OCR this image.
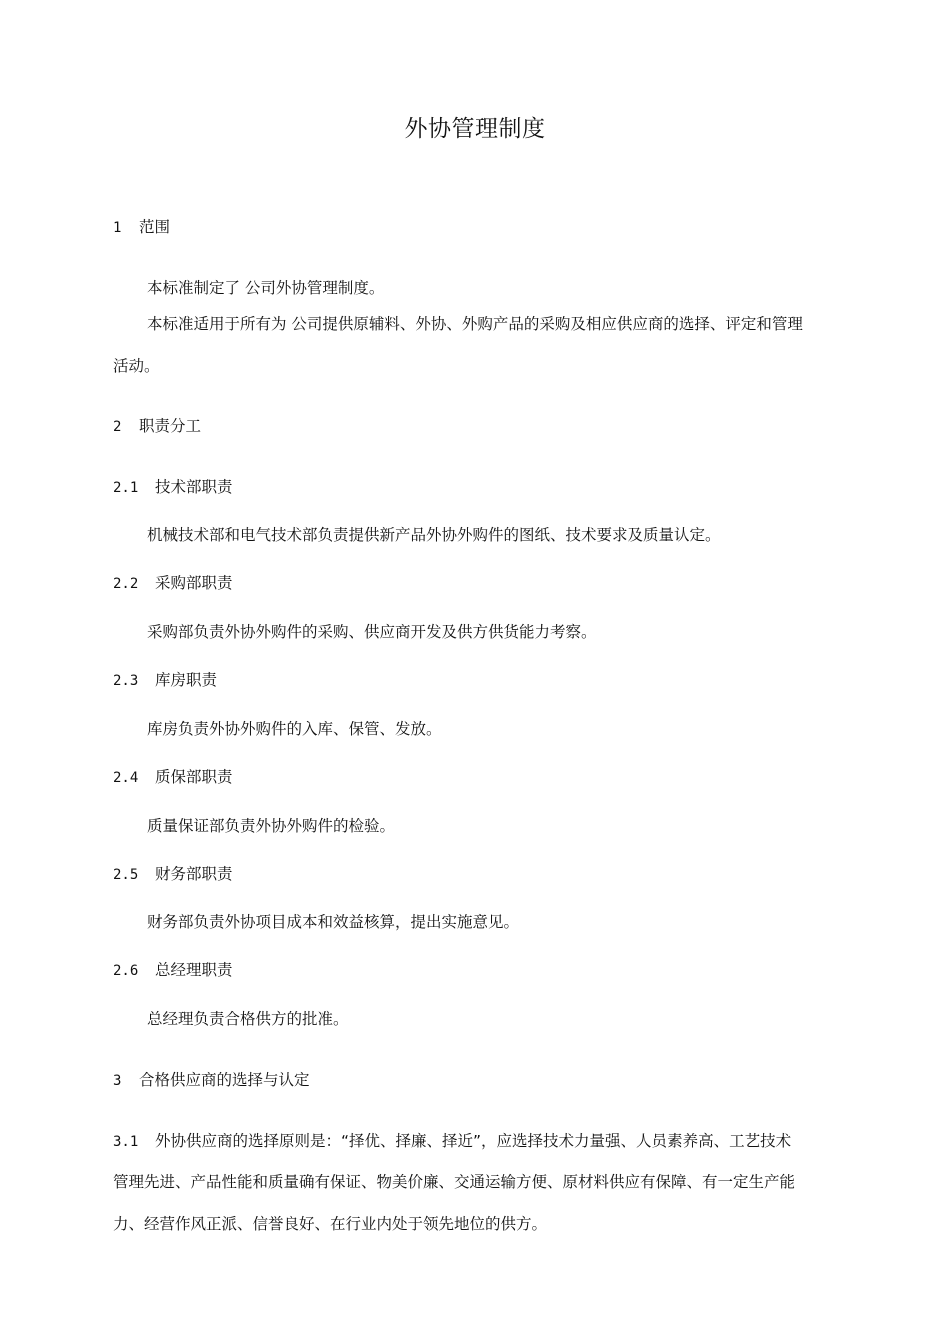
外协管理制度
1 范围
本标准制定了 公司外协管理制度。
本标准适用于所有为 公司提供原辅料、外协、外购产品的采购及相应供应商的选择、评定和管理
活动。
2 职责分工
2.1 技术部职责
机械技术部和电气技术部负责提供新产品外协外购件的图纸、技术要求及质量认定。
2.2 采购部职责
采购部负责外协外购件的采购、供应商开发及供方供货能力考察。
2.3 库房职责
库房负责外协外购件的入库、保管、发放。
2.4 质保部职责
质量保证部负责外协外购件的检验。
2.5 财务部职责
财务部负责外协项目成本和效益核算，提出实施意见。
2.6 总经理职责
总经理负责合格供方的批准。
3 合格供应商的选择与认定
3.1 外协供应商的选择原则是：“择优、择廉、择近”，应选择技术力量强、人员素养高、工艺技术
管理先进、产品性能和质量确有保证、物美价廉、交通运输方便、原材料供应有保障、有一定生产能
力、经营作风正派、信誉良好、在行业内处于领先地位的供方。
